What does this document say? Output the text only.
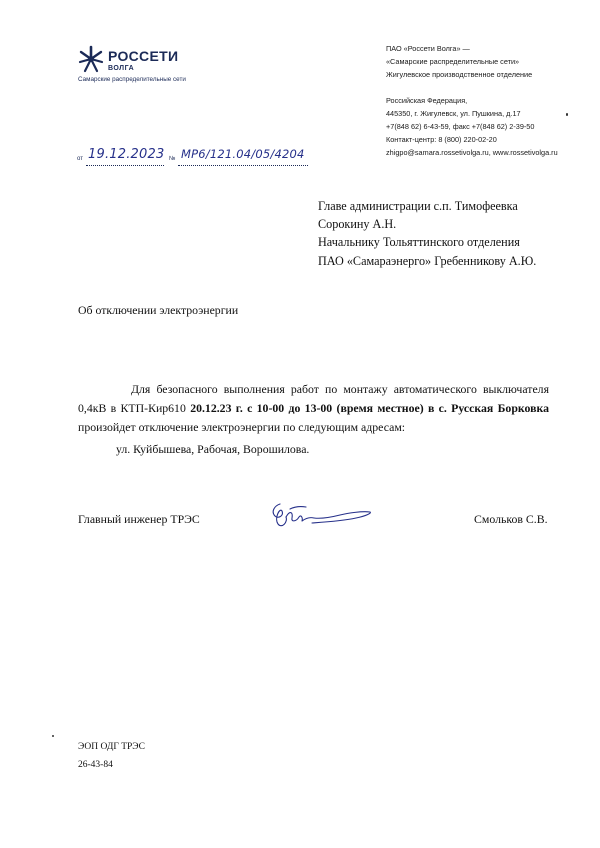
РОССЕТИ
ВОЛГА
Самарские распределительные сети
ПАО «Россети Волга» —
«Самарские распределительные сети»
Жигулевское производственное отделение
Российская Федерация,
445350, г. Жигулевск, ул. Пушкина, д.17
+7(848 62) 6-43-59, факс +7(848 62) 2-39-50
Контакт-центр: 8 (800) 220-02-20
zhigpo@samara.rossetivolga.ru, www.rossetivolga.ru
от 19.12.2023 № МР6/121.04/05/4204
Главе администрации с.п. Тимофеевка
Сорокину А.Н.
Начальнику Тольяттинского отделения
ПАО «Самараэнерго» Гребенникову А.Ю.
Об отключении электроэнергии
Для безопасного выполнения работ по монтажу автоматического выключателя 0,4кВ в КТП-Кир610 20.12.23 г. с 10-00 до 13-00 (время местное) в с. Русская Борковка
произойдет отключение электроэнергии по следующим адресам:
ул. Куйбышева, Рабочая, Ворошилова.
Главный инженер ТРЭС	Смольков С.В.
ЭОП ОДГ ТРЭС
26-43-84
